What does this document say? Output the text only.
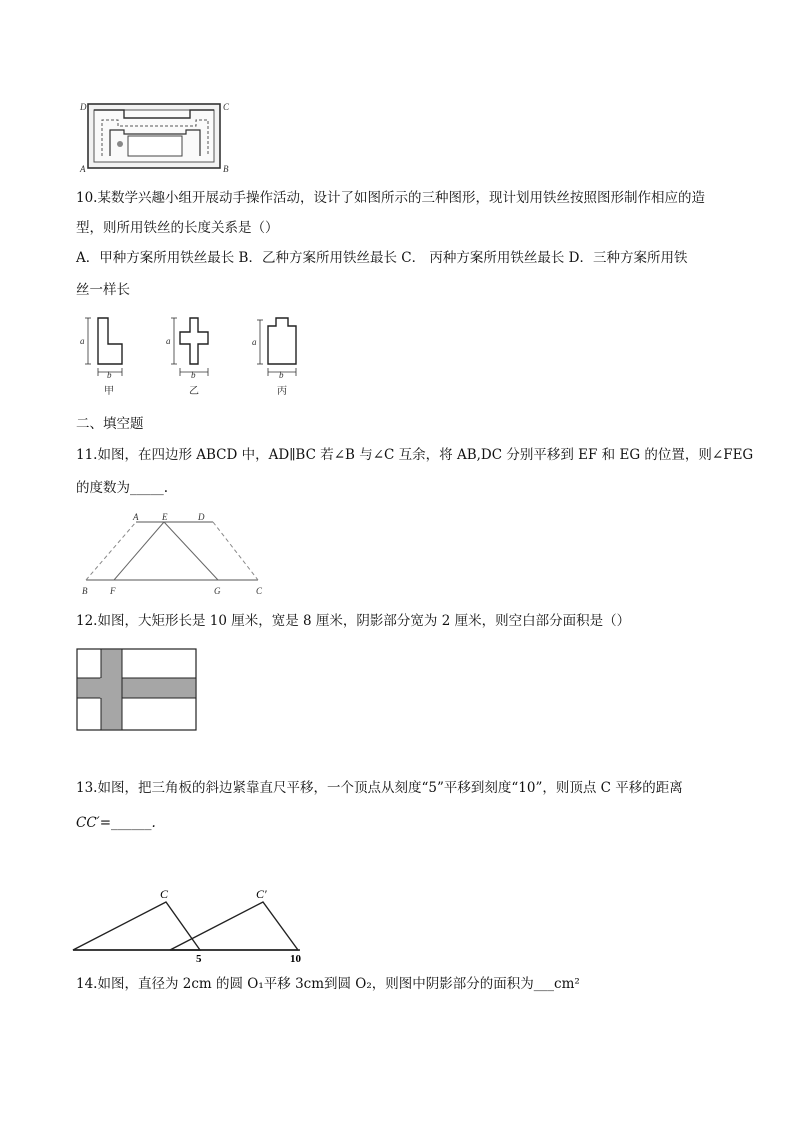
D	C
A	B
10.某数学兴趣小组开展动手操作活动，设计了如图所示的三种图形，现计划用铁丝按照图形制作相应的造
型，则所用铁丝的长度关系是（）
A．甲种方案所用铁丝最长 B．乙种方案所用铁丝最长 C． 丙种方案所用铁丝最长 D．三种方案所用铁
丝一样长
a
b
甲
a
b
乙
a
b
丙
二、填空题
11.如图，在四边形 ABCD 中，AD∥BC 若∠B 与∠C 互余，将 AB,DC 分别平移到 EF 和 EG 的位置，则∠FEG
的度数为_____.
A	E	D
B	F	G	C
12.如图，大矩形长是 10 厘米，宽是 8 厘米，阴影部分宽为 2 厘米，则空白部分面积是（）
13.如图，把三角板的斜边紧靠直尺平移，一个顶点从刻度“5”平移到刻度“10”，则顶点 C 平移的距离
CC′=______.
C	C′
5	10
14.如图，直径为 2cm 的圆 O₁平移 3cm到圆 O₂，则图中阴影部分的面积为___cm²
